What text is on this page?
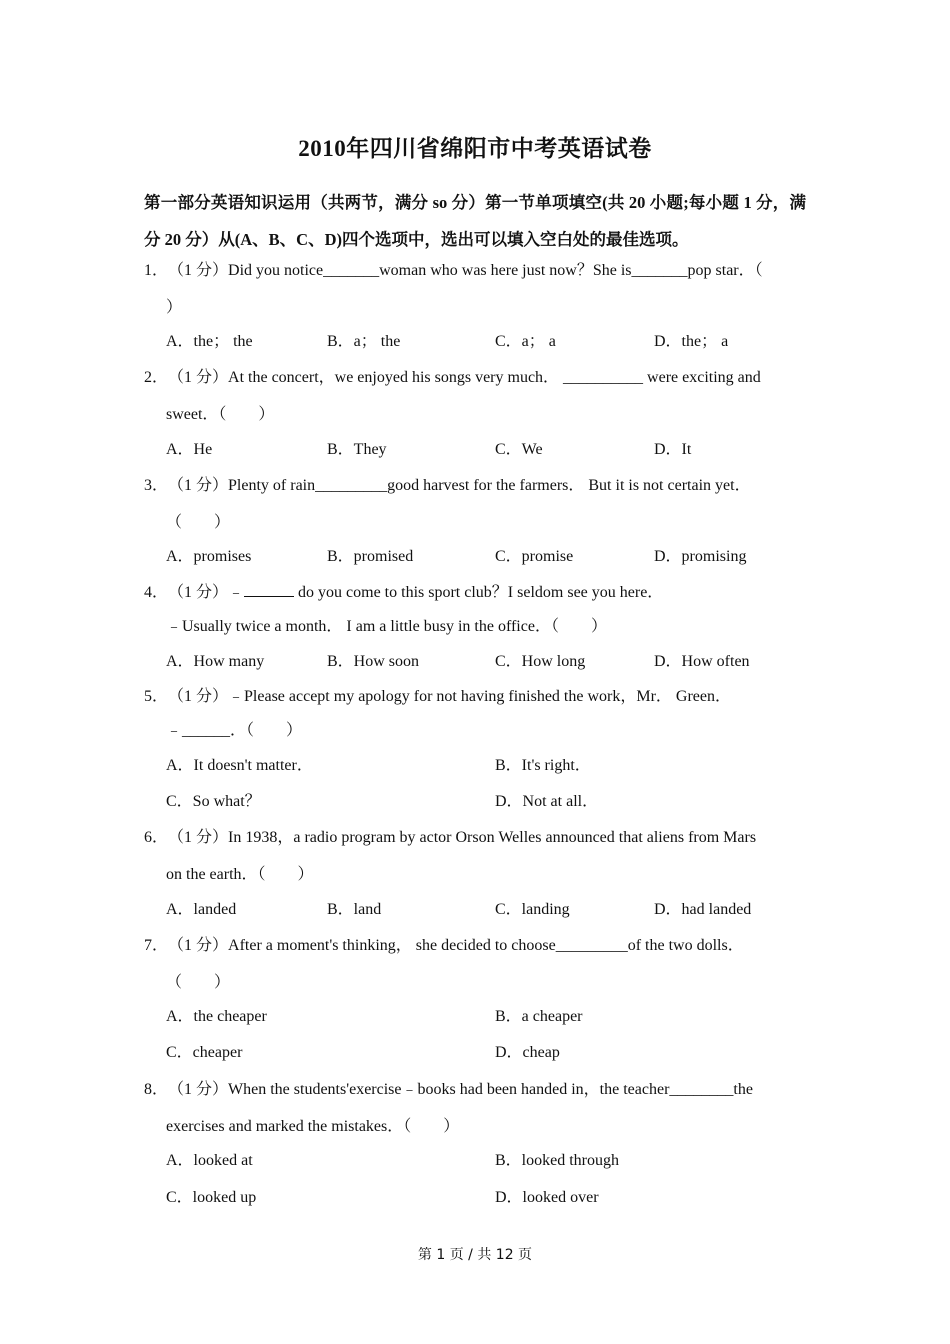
2010年四川省绵阳市中考英语试卷
第一部分英语知识运用（共两节，满分 so 分）第一节单项填空(共 20 小题;每小题 1 分，满分 20 分）从(A、B、C、D)四个选项中，选出可以填入空白处的最佳选项。
1．（1 分）Did you notice_______woman who was here just now？She is_______pop star．（
）
A．the； the	B．a； the	C．a； a	D．the； a
2．（1 分）At the concert，we enjoyed his songs very much． __________ were exciting and
sweet．（　　）
A．He	B．They	C．We	D．It
3．（1 分）Plenty of rain_________good harvest for the farmers． But it is not certain yet．
（　　）
A．promises	B．promised	C．promise	D．promising
4．（1 分）﹣	do you come to this sport club？I seldom see you here．
﹣Usually twice a month． I am a little busy in the office．（　　）
A．How many	B．How soon	C．How long	D．How often
5．（1 分）﹣Please accept my apology for not having finished the work，Mr． Green．
﹣______．（　　）
A．It doesn't matter．	B．It's right．
C．So what？	D．Not at all．
6．（1 分）In 1938，a radio program by actor Orson Welles announced that aliens from Mars
on the earth．（　　）
A．landed	B．land	C．landing	D．had landed
7．（1 分）After a moment's thinking， she decided to choose_________of the two dolls．
（　　）
A．the cheaper	B．a cheaper
C．cheaper	D．cheap
8．（1 分）When the students'exercise﹣books had been handed in，the teacher________the
exercises and marked the mistakes．（　　）
A．looked at	B．looked through
C．looked up	D．looked over
第 1 页 / 共 12 页
